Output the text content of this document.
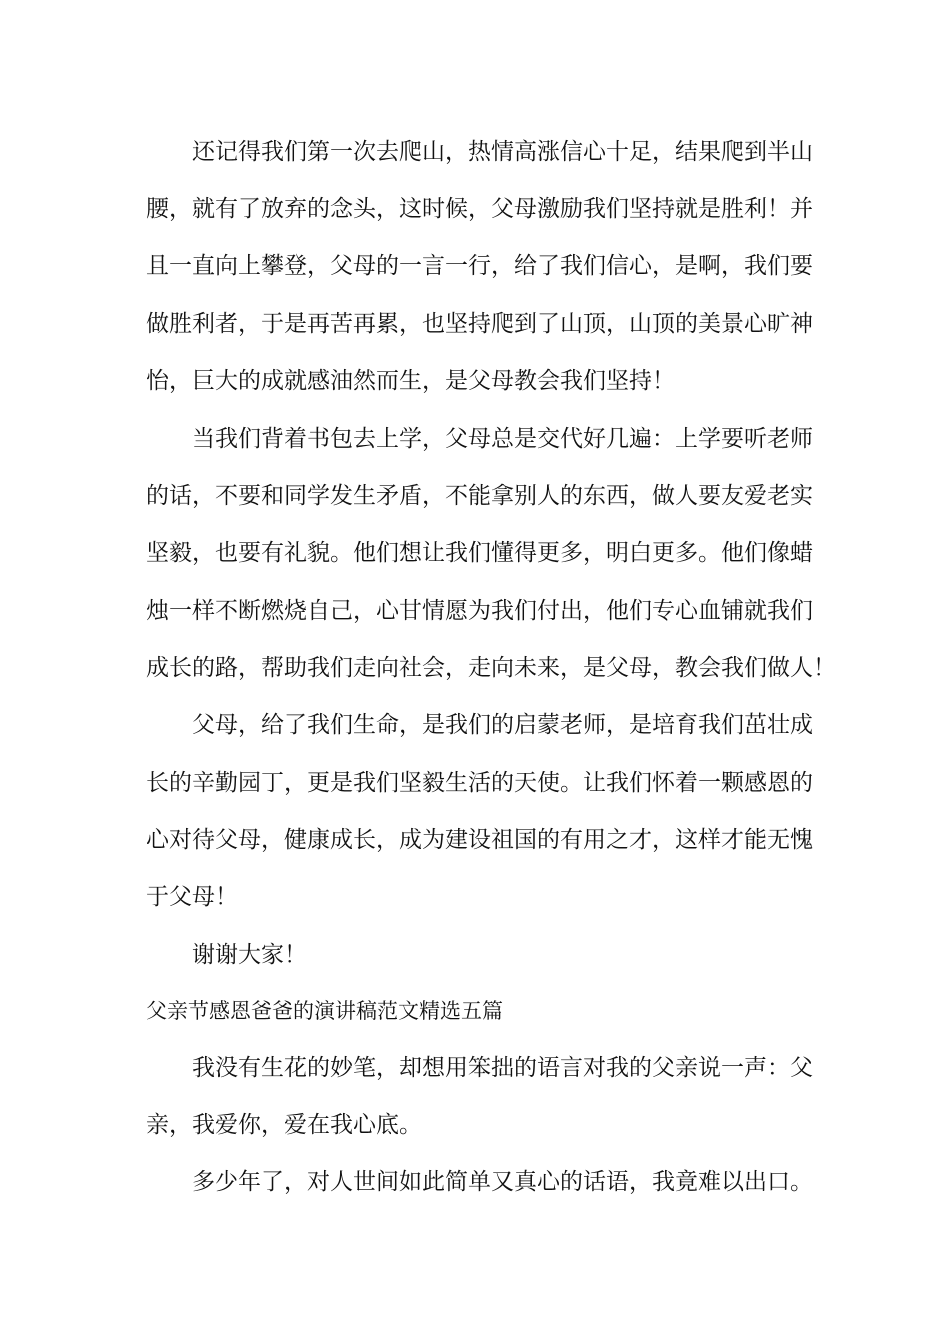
还记得我们第一次去爬山，热情高涨信心十足，结果爬到半山
腰，就有了放弃的念头，这时候，父母激励我们坚持就是胜利！并
且一直向上攀登，父母的一言一行，给了我们信心，是啊，我们要
做胜利者，于是再苦再累，也坚持爬到了山顶，山顶的美景心旷神
怡，巨大的成就感油然而生，是父母教会我们坚持！
当我们背着书包去上学，父母总是交代好几遍：上学要听老师
的话，不要和同学发生矛盾，不能拿别人的东西，做人要友爱老实
坚毅，也要有礼貌。他们想让我们懂得更多，明白更多。他们像蜡
烛一样不断燃烧自己，心甘情愿为我们付出，他们专心血铺就我们
成长的路，帮助我们走向社会，走向未来，是父母，教会我们做人！
父母，给了我们生命，是我们的启蒙老师，是培育我们茁壮成
长的辛勤园丁，更是我们坚毅生活的天使。让我们怀着一颗感恩的
心对待父母，健康成长，成为建设祖国的有用之才，这样才能无愧
于父母！
谢谢大家！
父亲节感恩爸爸的演讲稿范文精选五篇
我没有生花的妙笔，却想用笨拙的语言对我的父亲说一声：父
亲，我爱你，爱在我心底。
多少年了，对人世间如此简单又真心的话语，我竟难以出口。
